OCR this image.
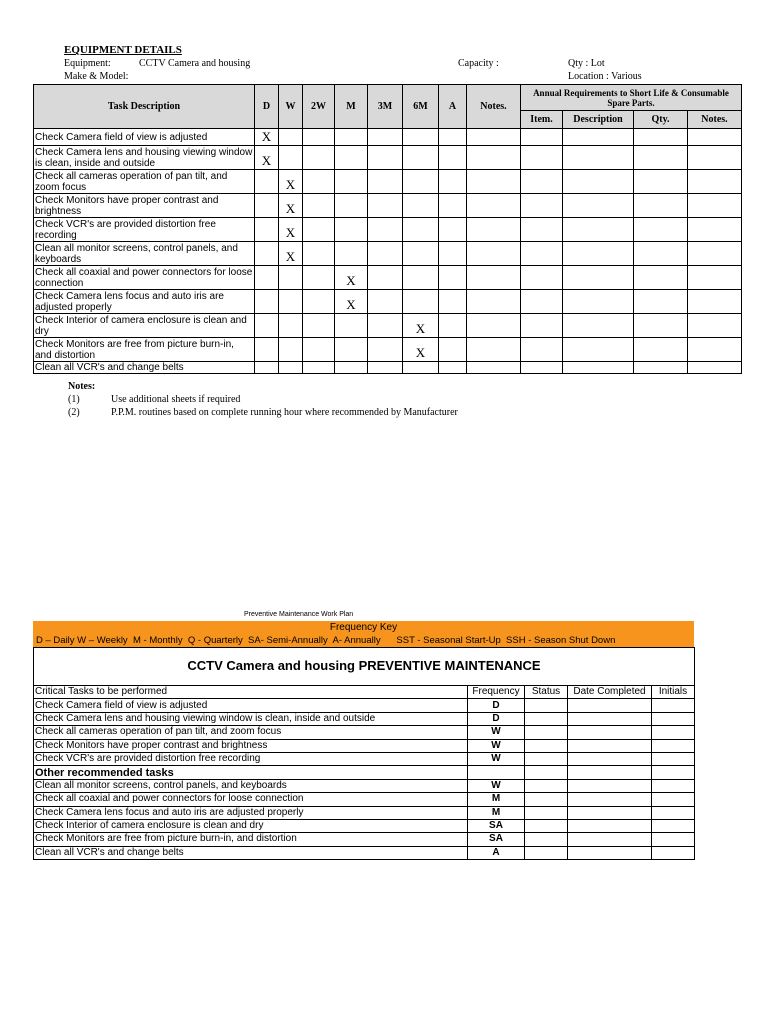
EQUIPMENT DETAILS
Equipment:	CCTV Camera and housing
Make & Model:
Capacity :	Qty : Lot
Location : Various
Task Description	D	W	2W	M	3M	6M	A	Notes.	Annual Requirements to Short Life & Consumable Spare Parts.			
									Item.	Description	Qty.	Notes.
Check Camera field of view is adjusted	X											
Check Camera lens and housing viewing window is clean, inside and outside	X											
Check all cameras operation of pan tilt, and zoom focus		X										
Check Monitors have proper contrast and brightness		X										
Check VCR's are provided distortion free recording		X										
Clean all monitor screens, control panels, and keyboards		X										
Check all coaxial and power connectors for loose connection				X								
Check Camera lens focus and auto iris are adjusted properly				X								
Check Interior of camera enclosure is clean and dry						X						
Check Monitors are free from picture burn-in, and distortion						X						
Clean all VCR's and change belts												
Notes:
(1)	Use additional sheets if required
(2)	P.P.M. routines based on complete running hour where recommended by Manufacturer
Preventive Maintenance Work Plan
Frequency Key
D – Daily W – Weekly  M - Monthly  Q - Quarterly  SA- Semi-Annually  A- Annually      SST - Seasonal Start-Up  SSH - Season Shut Down
CCTV Camera and housing PREVENTIVE MAINTENANCE
Critical Tasks to be performed	Frequency	Status	Date Completed	Initials
Check Camera field of view is adjusted	D			
Check Camera lens and housing viewing window is clean, inside and outside	D			
Check all cameras operation of pan tilt, and zoom focus	W			
Check Monitors have proper contrast and brightness	W			
Check VCR's are provided distortion free recording	W			
Other recommended tasks				
Clean all monitor screens, control panels, and keyboards	W			
Check all coaxial and power connectors for loose connection	M			
Check Camera lens focus and auto iris are adjusted properly	M			
Check Interior of camera enclosure is clean and dry	SA			
Check Monitors are free from picture burn-in, and distortion	SA			
Clean all VCR's and change belts	A			
